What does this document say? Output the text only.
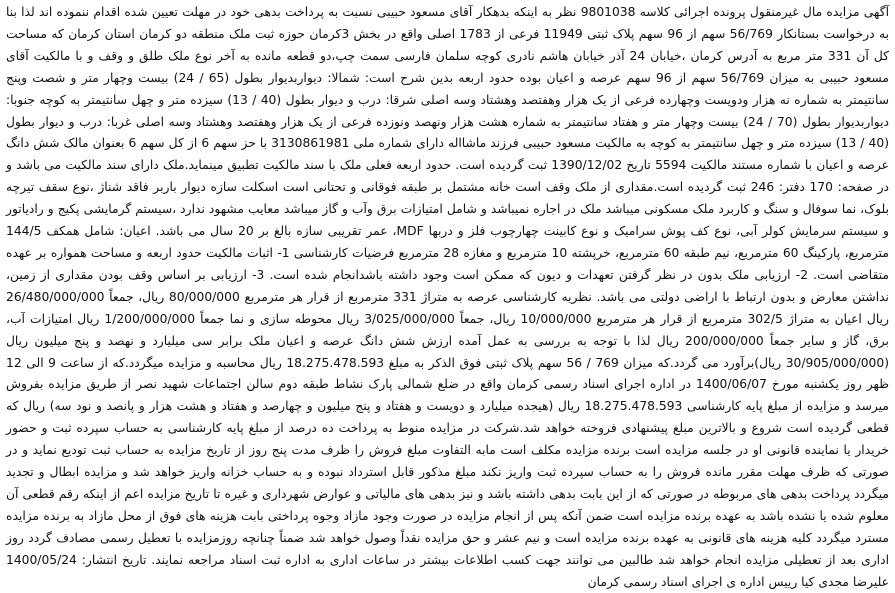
آگهی مزایده مال غیرمنقول پرونده اجرائی کلاسه 9801038 نظر به اینکه بدهکار آقای مسعود حبیبی نسبت به پرداخت بدهی خود در مهلت تعیین شده اقدام ننموده اند لذا بنا به درخواست بستانکار 56/769 سهم از 96 سهم پلاک ثبتی 11949 فرعی از 1783 اصلی واقع در بخش 3کرمان حوزه ثبت ملک منطقه دو کرمان استان کرمان که مساحت کل آن 331 متر مربع به آدرس کرمان ،خیابان 24 آذر خیابان هاشم نادری کوچه سلمان فارسی سمت چپ،دو قطعه مانده به آخر نوع ملک طلق و وقف و با مالکیت آقای مسعود حبیبی به میزان 56/769 سهم از 96 سهم عرصه و اعیان بوده حدود اربعه بدین شرح است: شمالا: دیواربدیوار بطول (65 / 24) بیست وچهار متر و شصت وپنج سانتیمتر به شماره نه هزار ودویست وچهارده فرعی از یک هزار وهفتصد وهشتاد وسه اصلی شرقا: درب و دیوار بطول (40 / 13) سیزده متر و چهل سانتیمتر به کوچه جنوبا: دیواربدیوار بطول (70 / 24) بیست وچهار متر و هفتاد سانتیمتر به شماره هشت هزار ونهصد ونوزده فرعی از یک هزار وهفتصد وهشتاد وسه اصلی غربا: درب و دیوار بطول (40 / 13) سیزده متر و چهل سانتیمتر به کوچه به مالکیت مسعود حبیبی فرزند ماشااله دارای شماره ملی 3130861981 با حز سهم 6 از کل سهم 6 بعنوان مالک شش دانگ عرصه و اعیان با شماره مستند مالکیت 5594 تاریخ 1390/12/02 ثبت گردیده است. حدود اربعه فعلی ملک با سند مالکیت تطبیق مینماید.ملک دارای سند مالکیت می باشد و در صفحه: 170 دفتر: 246 ثبت گردیده است.مقداری از ملک وقف است خانه مشتمل بر طبقه فوقانی و تحتانی است اسکلت سازه دیوار باربر فاقد شناژ ،نوع سقف تیرچه بلوک، نما سوفال و سنگ و کاربرد ملک مسکونی میباشد ملک در اجاره نمیباشد و شامل امتیازات برق وآب و گاز میباشد معایب مشهود ندارد ،سیستم گرمایشی پکیج و رادیاتور و سیستم سرمایش کولر آبی، نوع کف پوش سرامیک و نوع کابینت چهارچوب فلز و دربها MDF، عمر تقریبی سازه بالغ بر 20 سال می باشد. اعیان: شامل همکف 144/5 مترمربع، پارکینگ 60 مترمربع، نیم طبقه 60 مترمربع، خرپشته 10 مترمربع و مغازه 28 مترمربع فرضیات کارشناسی 1- اثبات مالکیت حدود اربعه و مساحت همواره بر عهده متقاضی است. 2- ارزیابی ملک بدون در نظر گرفتن تعهدات و دیون که ممکن است وجود داشته باشدانجام شده است. 3- ارزیابی بر اساس وقف بودن مقداری از زمین، نداشتن معارض و بدون ارتباط با اراضی دولتی می باشد. نظریه کارشناسی عرصه به متراژ 331 مترمربع از قرار هر مترمربع 80/000/000 ریال، جمعاً 26/480/000/000 ریال اعیان به متراژ 302/5 مترمربع از قرار هر مترمربع 10/000/000 ریال، جمعاً 3/025/000/000 ریال محوطه سازی و نما جمعاً 1/200/000/000 ریال امتیازات آب، برق، گاز و سایر جمعاً 200/000/000 ریال لذا با توجه به بررسی به عمل آمده ارزش شش دانگ عرصه و اعیان ملک برابر سی میلیارد و نهصد و پنج میلیون ریال (30/905/000/000 ریال)برآورد می گردد.که میزان 769 / 56 سهم پلاک ثبتی فوق الذکر به مبلغ 18.275.478.593 ریال محاسبه و مزایده میگردد.که از ساعت 9 الی 12 ظهر روز یکشنبه مورخ 1400/06/07 در اداره اجرای اسناد رسمی کرمان واقع در ضلع شمالی پارک نشاط طبقه دوم سالن اجتماعات شهید نصر از طریق مزایده بفروش میرسد و مزایده از مبلغ پایه کارشناسی 18.275.478.593 ریال (هیجده میلیارد و دویست و هفتاد و پنج میلیون و چهارصد و هفتاد و هشت هزار و پانصد و نود سه) ریال که قطعی گردیده است شروع و بالاترین مبلغ پیشنهادی فروخته خواهد شد.شرکت در مزایده منوط به پرداخت ده درصد از مبلغ پایه کارشناسی به حساب سپرده ثبت و حضور خریدار یا نماینده قانونی او در جلسه مزایده است برنده مزایده مکلف است مابه التفاوت مبلغ فروش را ظرف مدت پنج روز از تاریخ مزایده به حساب ثبت تودیع نماید و در صورتی که ظرف مهلت مقرر مانده فروش را به حساب سپرده ثبت واریز نکند مبلغ مذکور قابل استرداد نبوده و به حساب خزانه واریز خواهد شد و مزایده ابطال و تجدید میگردد پرداخت بدهی های مربوطه در صورتی که از این بابت بدهی داشته باشد و نیز بدهی های مالیاتی و عوارض شهرداری و غیره تا تاریخ مزایده اعم از اینکه رقم قطعی آن معلوم شده یا نشده باشد به عهده برنده مزایده است ضمن آنکه پس از انجام مزایده در صورت وجود مازاد وجوه پرداختی بابت هزینه های فوق از محل مازاد به برنده مزایده مسترد میگردد کلیه هزینه های قانونی به عهده برنده مزایده است و نیم عشر و حق مزایده نقداً وصول خواهد شد ضمناً چنانچه روزمزایده با تعطیل رسمی مصادف گردد روز اداری بعد از تعطیلی مزایده انجام خواهد شد طالبین می توانند جهت کسب اطلاعات بیشتر در ساعات اداری به اداره ثبت اسناد مراجعه نمایند. تاریخ انتشار: 1400/05/24 علیرضا مجدی کیا رییس اداره ی اجرای اسناد رسمی کرمان
